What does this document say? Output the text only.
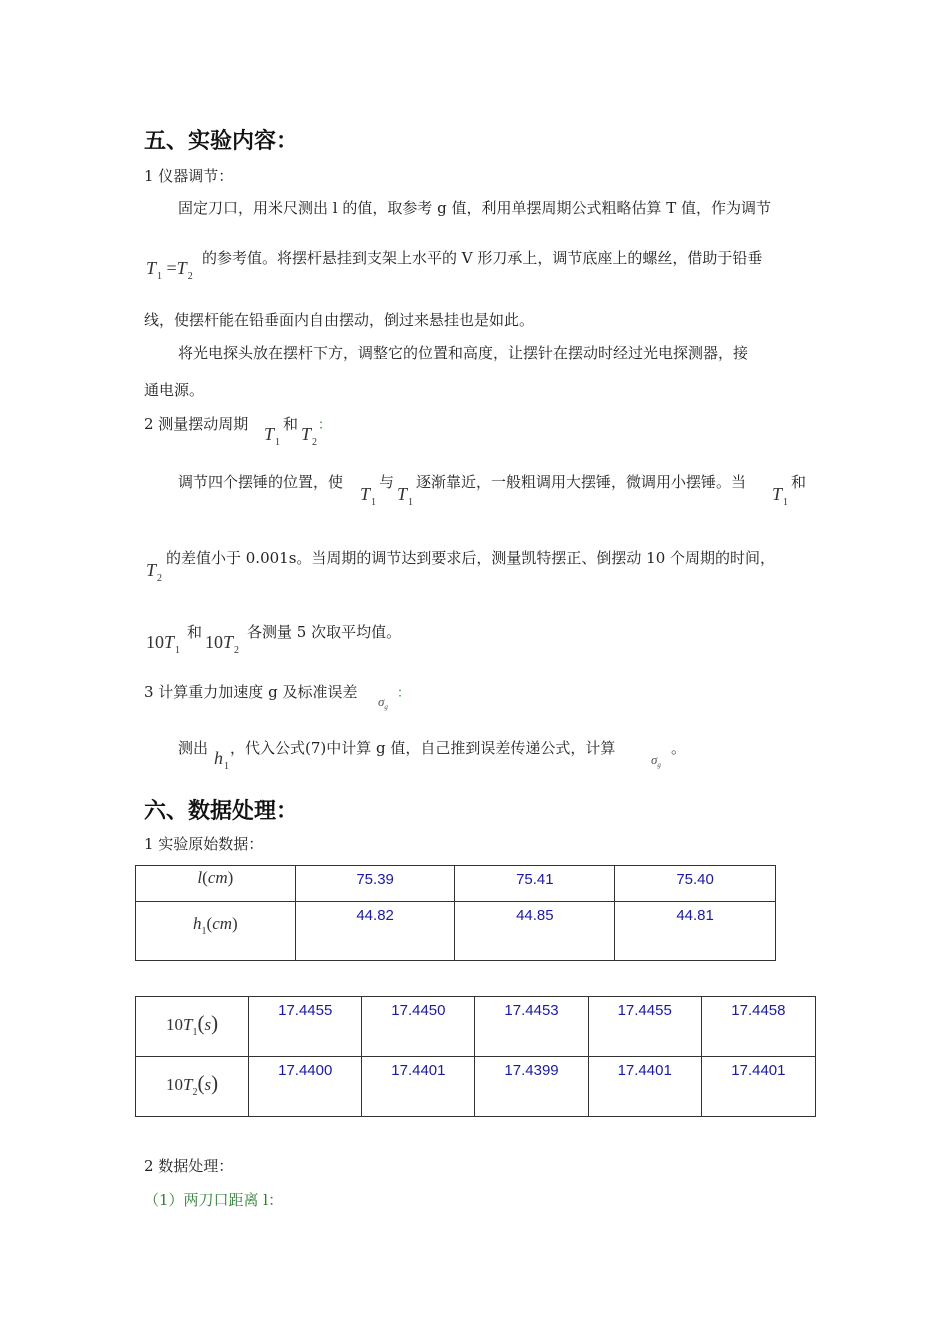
五、实验内容：
1 仪器调节：
固定刀口，用米尺测出 l 的值，取参考 g 值，利用单摆周期公式粗略估算 T 值，作为调节
$T_1 =T_2$
的参考值。将摆杆悬挂到支架上水平的 V 形刀承上，调节底座上的螺丝，借助于铅垂
线，使摆杆能在铅垂面内自由摆动，倒过来悬挂也是如此。
将光电探头放在摆杆下方，调整它的位置和高度，让摆针在摆动时经过光电探测器，接
通电源。
2 测量摆动周期 $T_1$
和 $T_2$
：
调节四个摆锤的位置，使
$T_1$
与
$T_1$
逐渐靠近，一般粗调用大摆锤，微调用小摆锤。当
$T_1$
和
$T_2$
的差值小于 0.001s。当周期的调节达到要求后，测量凯特摆正、倒摆动 10 个周期的时间，
$10T_1$
和 $10T_2$
各测量 5 次取平均值。
3 计算重力加速度 g 及标准误差
$\sigma_g$
：
测出 $h_1$
，代入公式(7)中计算 g 值，自己推到误差传递公式，计算
$\sigma_g$
。
六、数据处理：
1 实验原始数据：
l(cm)	75.39	75.41	75.40
$h_1(cm)$	44.82	44.85	44.81
$10T_1(s)$	17.4455	17.4450	17.4453	17.4455	17.4458
$10T_2(s)$	17.4400	17.4401	17.4399	17.4401	17.4401
2 数据处理：
（1）两刀口距离 l：
